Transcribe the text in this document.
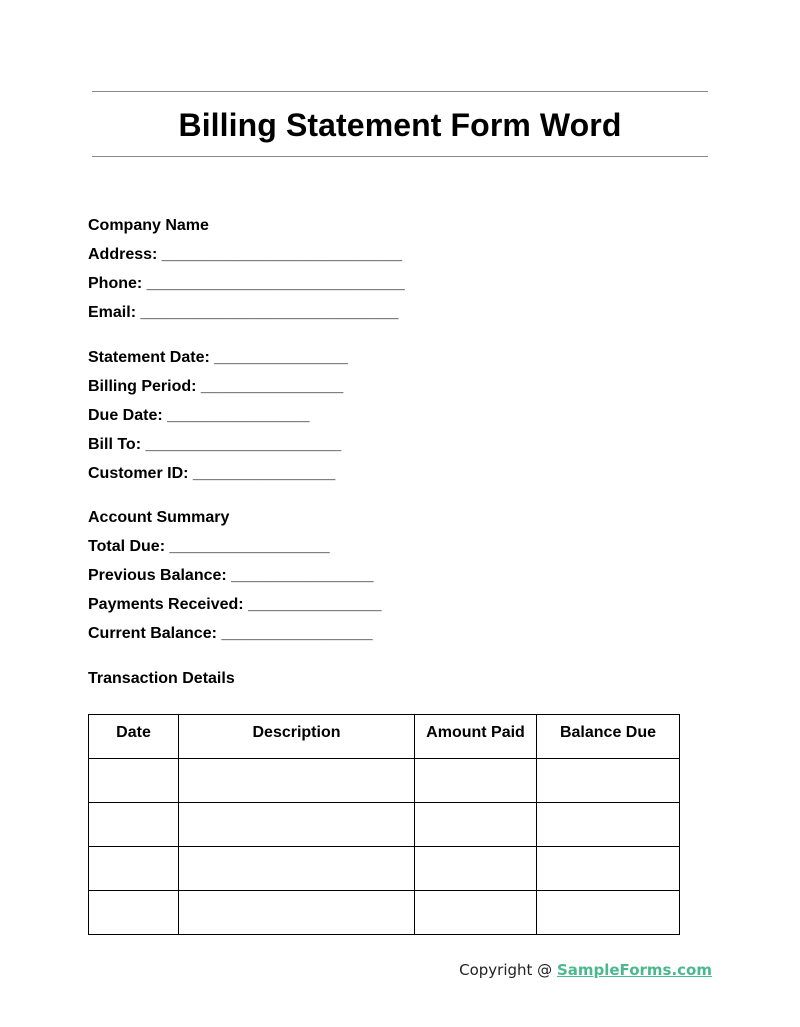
Billing Statement Form Word
Company Name
Address: ___________________________
Phone: _____________________________
Email: _____________________________
Statement Date: _______________
Billing Period: ________________
Due Date: ________________
Bill To: ______________________
Customer ID: ________________
Account Summary
Total Due: __________________
Previous Balance: ________________
Payments Received: _______________
Current Balance: _________________
Transaction Details
Date	Description	Amount Paid	Balance Due

Copyright @ SampleForms.com
